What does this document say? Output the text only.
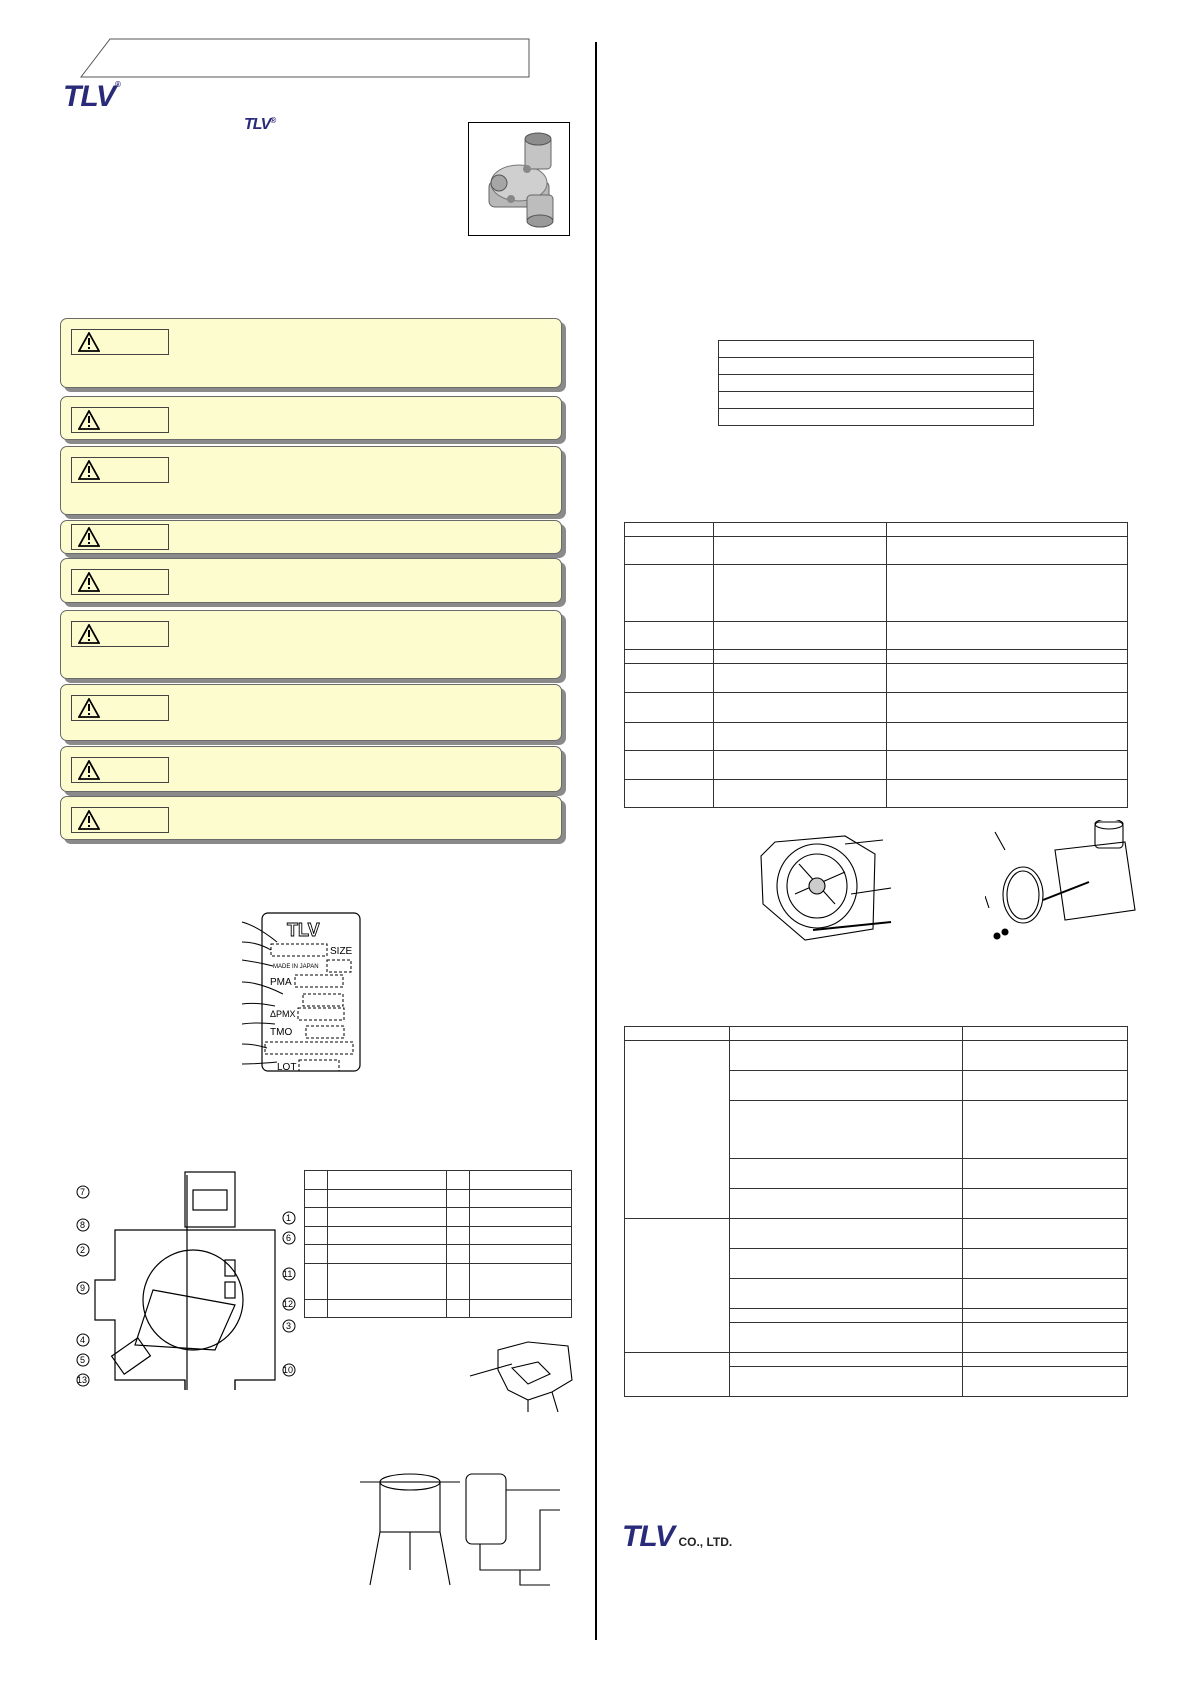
TLV®
TLV®
TLV
SIZE
MADE IN JAPAN
PMA
ΔPMX
TMO
LOT
7
8
2
9
4
5
13
1
6
11
12
3
10

TLV CO., LTD.
